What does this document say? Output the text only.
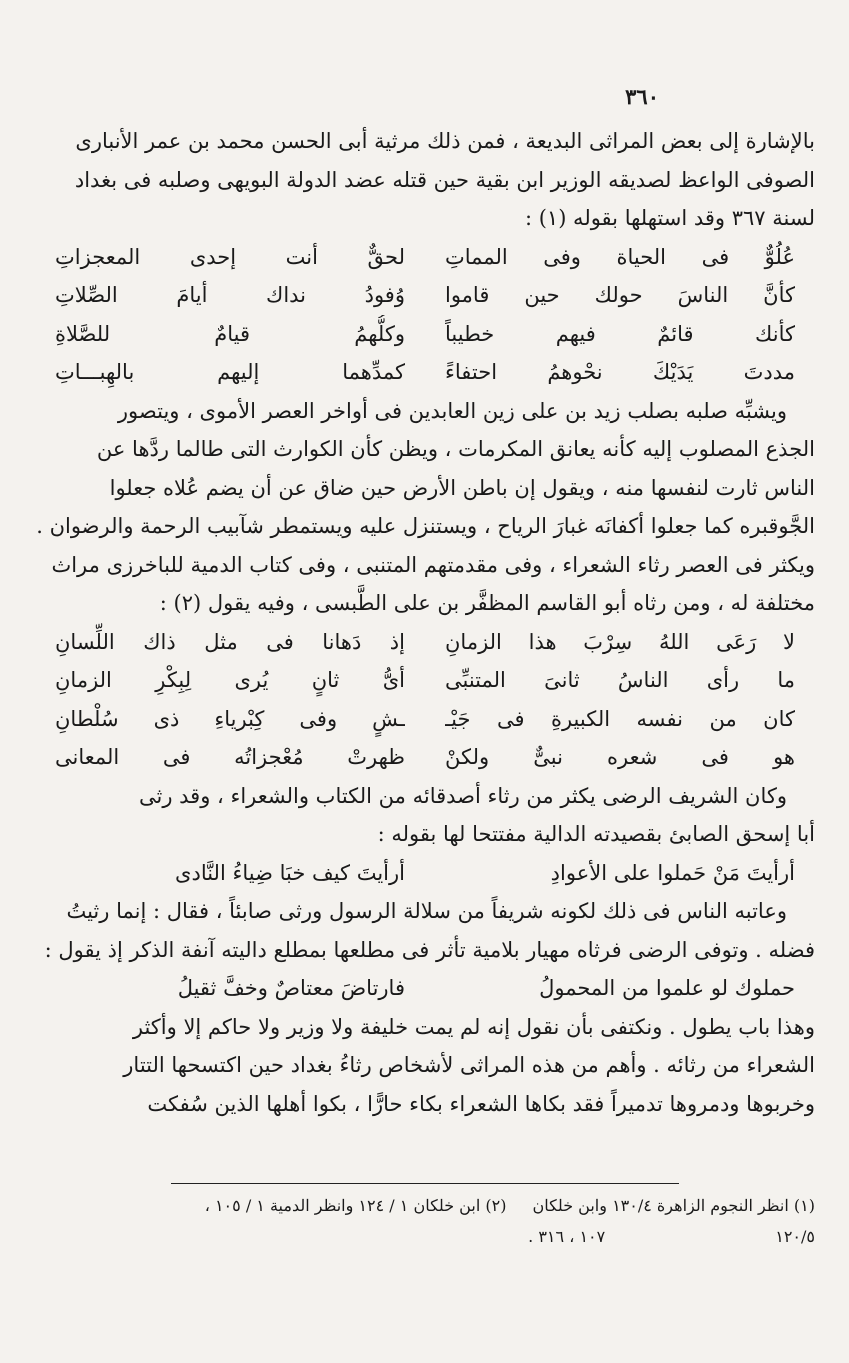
٣٦٠
بالإشارة إلى بعض المراثى البديعة ، فمن ذلك مرثية أبى الحسن محمد بن عمر الأنبارى
الصوفى الواعظ لصديقه الوزير ابن بقية حين قتله عضد الدولة البويهى وصلبه فى بغداد
لسنة ٣٦٧ وقد استهلها بقوله (١) :
عُلُوٌّ فى الحياة وفى المماتِ
لحقٌّ أنت إحدى المعجزاتِ
كأنَّ الناسَ حولك حين قاموا
وُفودُ نداك أيامَ الصِّلاتِ
كأنك قائمٌ فيهم خطيباً
وكلُّهمُ قيامٌ للصَّلاةِ
مددتَ يَدَيْكَ نحْوهمُ احتفاءً
كمدِّهما إليهم بالهِبـــاتِ
ويشبِّه صلبه بصلب زيد بن على زين العابدين فى أواخر العصر الأموى ، ويتصور
الجذع المصلوب إليه كأنه يعانق المكرمات ، ويظن كأن الكوارث التى طالما ردَّها عن
الناس ثارت لنفسها منه ، ويقول إن باطن الأرض حين ضاق عن أن يضم عُلاه جعلوا
الجَّوقبره كما جعلوا أكفانَه غبارَ الرياح ، ويستنزل عليه ويستمطر شآبيب الرحمة والرضوان .
ويكثر فى العصر رثاء الشعراء ، وفى مقدمتهم المتنبى ، وفى كتاب الدمية للباخرزى مراث
مختلفة له ، ومن رثاه أبو القاسم المظفَّر بن على الطَّبسى ، وفيه يقول (٢) :
لا رَعَى اللهُ سِرْبَ هذا الزمانِ
إذ دَهانا فى مثل ذاك اللِّسانِ
ما رأى الناسُ ثانىَ المتنبِّى
أىُّ ثانٍ يُرى لِبِكْرِ الزمانِ
كان من نفسه الكبيرةِ فى جَيْـ
ـشٍ وفى كِبْرياءِ ذى سُلْطانِ
هو فى شعره نبىٌّ ولكنْ
ظهرتْ مُعْجزاتُه فى المعانى
وكان الشريف الرضى يكثر من رثاء أصدقائه من الكتاب والشعراء ، وقد رثى
أبا إسحق الصابئ بقصيدته الدالية مفتتحا لها بقوله :
أرأيتَ مَنْ حَملوا على الأعوادِ
أرأيتَ كيف خبَا ضِياءُ النَّادى
وعاتبه الناس فى ذلك لكونه شريفاً من سلالة الرسول ورثى صابئاً ، فقال : إنما رثيتُ
فضله . وتوفى الرضى فرثاه مهيار بلامية تأثر فى مطلعها بمطلع داليته آنفة الذكر إذ يقول :
حملوك لو علموا من المحمولُ
فارتاضَ معتاصٌ وخفَّ ثقيلُ
وهذا باب يطول . ونكتفى بأن نقول إنه لم يمت خليفة ولا وزير ولا حاكم إلا وأكثر
الشعراء من رثائه . وأهم من هذه المراثى لأشخاص رثاءُ بغداد حين اكتسحها التتار
وخربوها ودمروها تدميراً فقد بكاها الشعراء بكاء حارًّا ، بكوا أهلها الذين سُفكت

(١) انظر النجوم الزاهرة ١٣٠/٤ وابن خلكان(٢) ابن خلكان ١ / ١٢٤ وانظر الدمية ١ / ١٠٥ ،

١٢٠/٥١٠٧ ، ٣١٦ .
